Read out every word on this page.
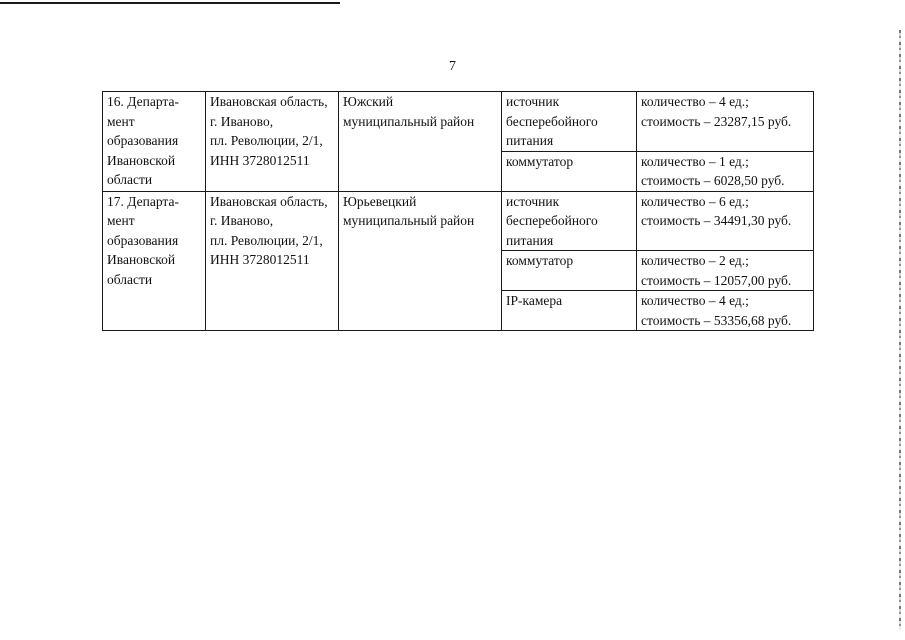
7
16. Департа-
мент
образования
Ивановской
области	Ивановская область,
г. Иваново,
пл. Революции, 2/1,
ИНН 3728012511	Южский
муниципальный район	источник
бесперебойного
питания	количество – 4 ед.;
стоимость – 23287,15 руб.

			коммутатор	количество – 1 ед.;
стоимость – 6028,50 руб.

17. Департа-
мент
образования
Ивановской
области	Ивановская область,
г. Иваново,
пл. Революции, 2/1,
ИНН 3728012511	Юрьевецкий
муниципальный район	источник
бесперебойного
питания	количество – 6 ед.;
стоимость – 34491,30 руб.

			коммутатор	количество – 2 ед.;
стоимость – 12057,00 руб.

			IP-камера	количество – 4 ед.;
стоимость – 53356,68 руб.
